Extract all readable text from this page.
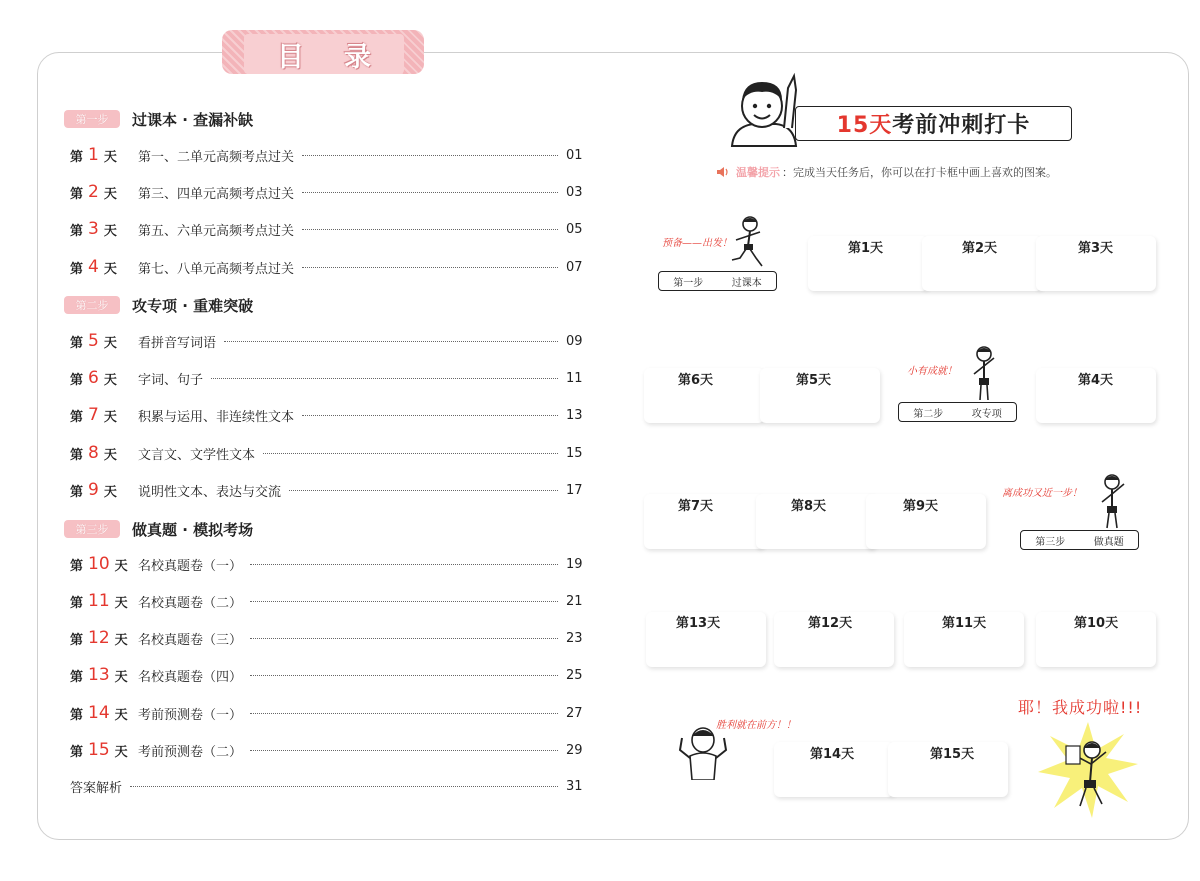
目 录
第一步	过课本 · 查漏补缺
第 1 天 第一、二单元高频考点过关	01
第 2 天 第三、四单元高频考点过关	03
第 3 天 第五、六单元高频考点过关	05
第 4 天 第七、八单元高频考点过关	07
第二步	攻专项 · 重难突破
第 5 天 看拼音写词语	09
第 6 天 字词、句子	11
第 7 天 积累与运用、非连续性文本	13
第 8 天 文言文、文学性文本	15
第 9 天 说明性文本、表达与交流	17
第三步	做真题 · 模拟考场
第 10 天 名校真题卷（一）	19
第 11 天 名校真题卷（二）	21
第 12 天 名校真题卷（三）	23
第 13 天 名校真题卷（四）	25
第 14 天 考前预测卷（一）	27
第 15 天 考前预测卷（二）	29
答案解析	31
15天 考前冲刺打卡
温馨提示 ：完成当天任务后，你可以在打卡框中画上喜欢的图案。
预备——出发！
第一步	过课本
第1天	第2天	第3天
第6天	第5天
小有成就！
第二步	攻专项
第4天
第7天	第8天	第9天
离成功又近一步！
第三步	做真题
第13天	第12天	第11天	第10天
胜利就在前方！！
第14天	第15天
耶！我成功啦!!!
